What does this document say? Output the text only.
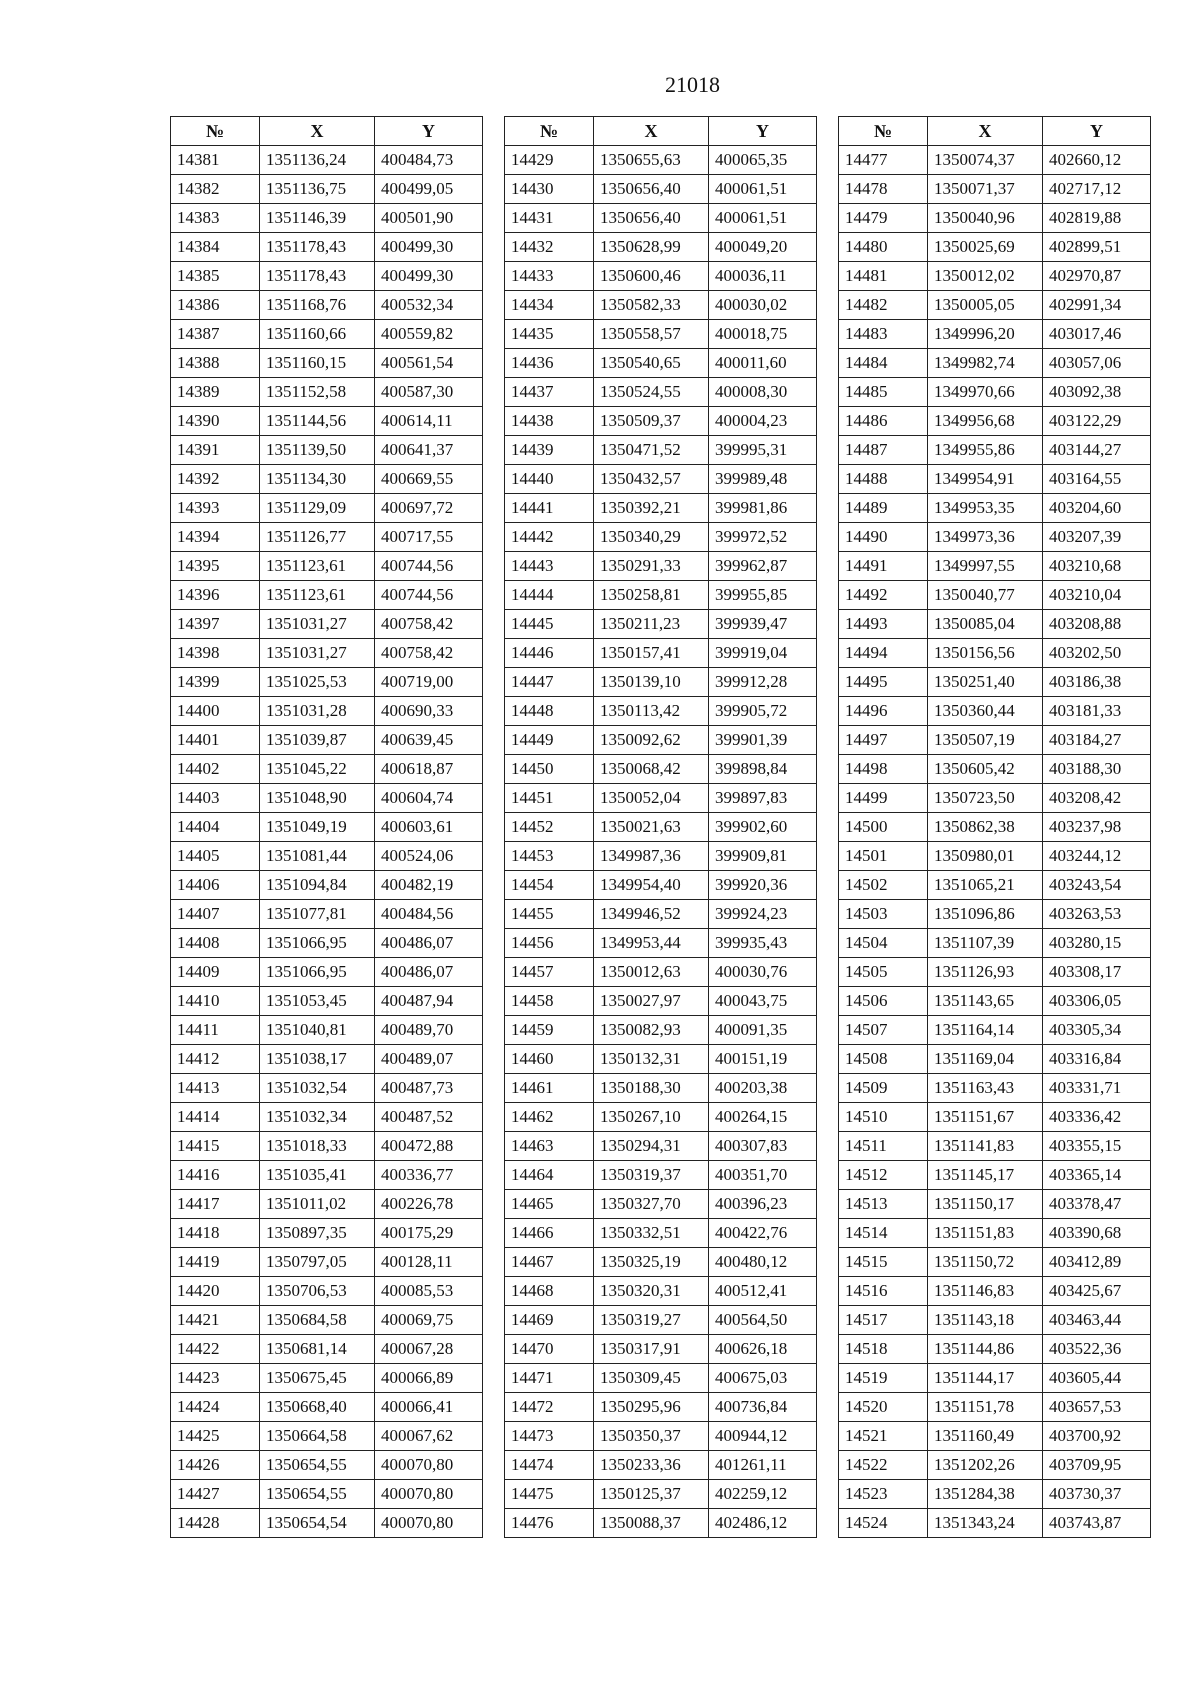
21018
№	X	Y
14381	1351136,24	400484,73
14382	1351136,75	400499,05
14383	1351146,39	400501,90
14384	1351178,43	400499,30
14385	1351178,43	400499,30
14386	1351168,76	400532,34
14387	1351160,66	400559,82
14388	1351160,15	400561,54
14389	1351152,58	400587,30
14390	1351144,56	400614,11
14391	1351139,50	400641,37
14392	1351134,30	400669,55
14393	1351129,09	400697,72
14394	1351126,77	400717,55
14395	1351123,61	400744,56
14396	1351123,61	400744,56
14397	1351031,27	400758,42
14398	1351031,27	400758,42
14399	1351025,53	400719,00
14400	1351031,28	400690,33
14401	1351039,87	400639,45
14402	1351045,22	400618,87
14403	1351048,90	400604,74
14404	1351049,19	400603,61
14405	1351081,44	400524,06
14406	1351094,84	400482,19
14407	1351077,81	400484,56
14408	1351066,95	400486,07
14409	1351066,95	400486,07
14410	1351053,45	400487,94
14411	1351040,81	400489,70
14412	1351038,17	400489,07
14413	1351032,54	400487,73
14414	1351032,34	400487,52
14415	1351018,33	400472,88
14416	1351035,41	400336,77
14417	1351011,02	400226,78
14418	1350897,35	400175,29
14419	1350797,05	400128,11
14420	1350706,53	400085,53
14421	1350684,58	400069,75
14422	1350681,14	400067,28
14423	1350675,45	400066,89
14424	1350668,40	400066,41
14425	1350664,58	400067,62
14426	1350654,55	400070,80
14427	1350654,55	400070,80
14428	1350654,54	400070,80
№	X	Y
14429	1350655,63	400065,35
14430	1350656,40	400061,51
14431	1350656,40	400061,51
14432	1350628,99	400049,20
14433	1350600,46	400036,11
14434	1350582,33	400030,02
14435	1350558,57	400018,75
14436	1350540,65	400011,60
14437	1350524,55	400008,30
14438	1350509,37	400004,23
14439	1350471,52	399995,31
14440	1350432,57	399989,48
14441	1350392,21	399981,86
14442	1350340,29	399972,52
14443	1350291,33	399962,87
14444	1350258,81	399955,85
14445	1350211,23	399939,47
14446	1350157,41	399919,04
14447	1350139,10	399912,28
14448	1350113,42	399905,72
14449	1350092,62	399901,39
14450	1350068,42	399898,84
14451	1350052,04	399897,83
14452	1350021,63	399902,60
14453	1349987,36	399909,81
14454	1349954,40	399920,36
14455	1349946,52	399924,23
14456	1349953,44	399935,43
14457	1350012,63	400030,76
14458	1350027,97	400043,75
14459	1350082,93	400091,35
14460	1350132,31	400151,19
14461	1350188,30	400203,38
14462	1350267,10	400264,15
14463	1350294,31	400307,83
14464	1350319,37	400351,70
14465	1350327,70	400396,23
14466	1350332,51	400422,76
14467	1350325,19	400480,12
14468	1350320,31	400512,41
14469	1350319,27	400564,50
14470	1350317,91	400626,18
14471	1350309,45	400675,03
14472	1350295,96	400736,84
14473	1350350,37	400944,12
14474	1350233,36	401261,11
14475	1350125,37	402259,12
14476	1350088,37	402486,12
№	X	Y
14477	1350074,37	402660,12
14478	1350071,37	402717,12
14479	1350040,96	402819,88
14480	1350025,69	402899,51
14481	1350012,02	402970,87
14482	1350005,05	402991,34
14483	1349996,20	403017,46
14484	1349982,74	403057,06
14485	1349970,66	403092,38
14486	1349956,68	403122,29
14487	1349955,86	403144,27
14488	1349954,91	403164,55
14489	1349953,35	403204,60
14490	1349973,36	403207,39
14491	1349997,55	403210,68
14492	1350040,77	403210,04
14493	1350085,04	403208,88
14494	1350156,56	403202,50
14495	1350251,40	403186,38
14496	1350360,44	403181,33
14497	1350507,19	403184,27
14498	1350605,42	403188,30
14499	1350723,50	403208,42
14500	1350862,38	403237,98
14501	1350980,01	403244,12
14502	1351065,21	403243,54
14503	1351096,86	403263,53
14504	1351107,39	403280,15
14505	1351126,93	403308,17
14506	1351143,65	403306,05
14507	1351164,14	403305,34
14508	1351169,04	403316,84
14509	1351163,43	403331,71
14510	1351151,67	403336,42
14511	1351141,83	403355,15
14512	1351145,17	403365,14
14513	1351150,17	403378,47
14514	1351151,83	403390,68
14515	1351150,72	403412,89
14516	1351146,83	403425,67
14517	1351143,18	403463,44
14518	1351144,86	403522,36
14519	1351144,17	403605,44
14520	1351151,78	403657,53
14521	1351160,49	403700,92
14522	1351202,26	403709,95
14523	1351284,38	403730,37
14524	1351343,24	403743,87
